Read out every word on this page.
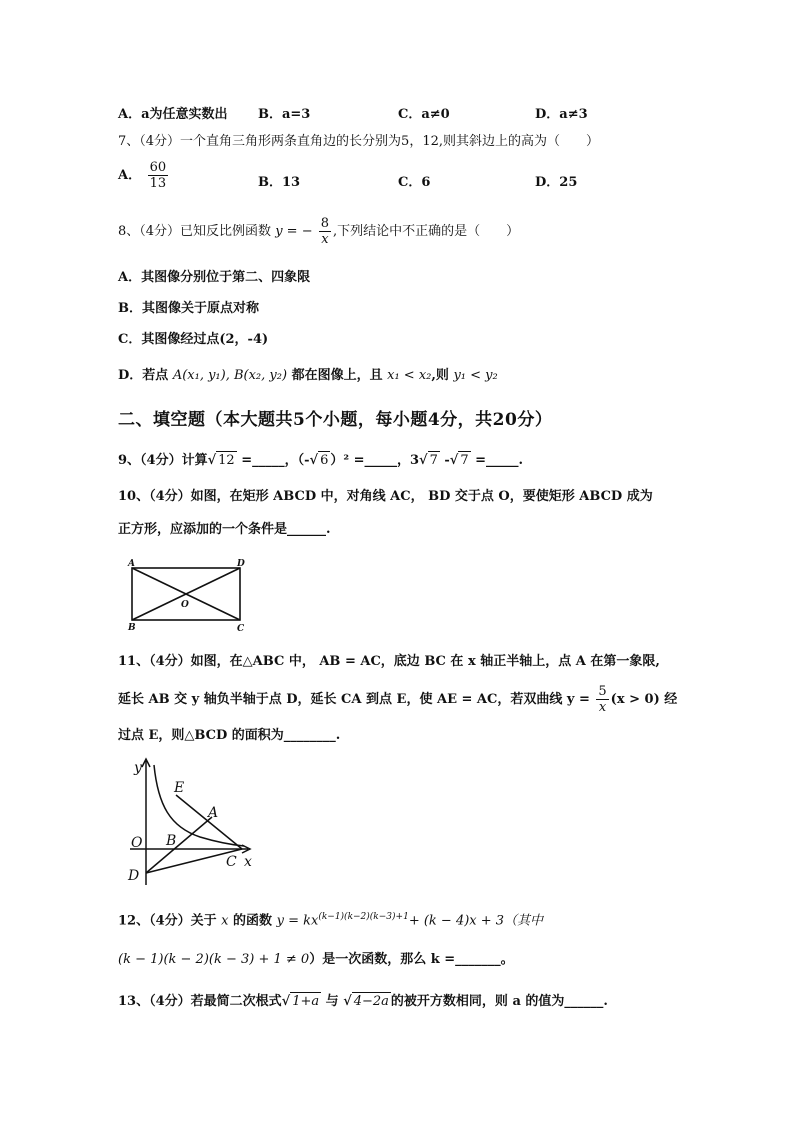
A．a为任意实数出 B．a=3	C．a≠0	D．a≠3
7、（4分）一个直角三角形两条直角边的长分别为5，12,则其斜边上的高为（　　）
A． $\frac{60}{13}$	B．13	C．6	D．25
8、（4分）已知反比例函数 y = − $\frac{8}{x}$ ,下列结论中不正确的是（　　）
A．其图像分别位于第二、四象限
B．其图像关于原点对称
C．其图像经过点(2，-4)
D．若点 A(x₁, y₁), B(x₂, y₂) 都在图像上，且 x₁ < x₂,则 y₁ < y₂
二、填空题（本大题共5个小题，每小题4分，共20分）
9、（4分）计算 √ 12 =_____，（- √ 6 ）² =_____，3 √ 7 - √ 7 =_____.
10、（4分）如图，在矩形 ABCD 中，对角线 AC， BD 交于点 O，要使矩形 ABCD 成为
正方形，应添加的一个条件是______.
A	D
B	C
O
11、（4分）如图，在△ABC 中， AB = AC，底边 BC 在 x 轴正半轴上，点 A 在第一象限,
延长 AB 交 y 轴负半轴于点 D，延长 CA 到点 E，使 AE = AC，若双曲线 $y = \frac{5}{x} (x > 0)$ 经
过点 E，则△BCD 的面积为________.
y
x
O
E
A
B
C
D
12、（4分）关于 x 的函数 $y = kx^{(k-1)(k-2)(k-3)+1}+ (k - 4)x + 3$（其中
(k − 1)(k − 2)(k − 3) + 1 ≠ 0）是一次函数，那么 k =_______。
13、（4分）若最简二次根式 √ 1+a 与 √ 4−2a 的被开方数相同，则 a 的值为______.
